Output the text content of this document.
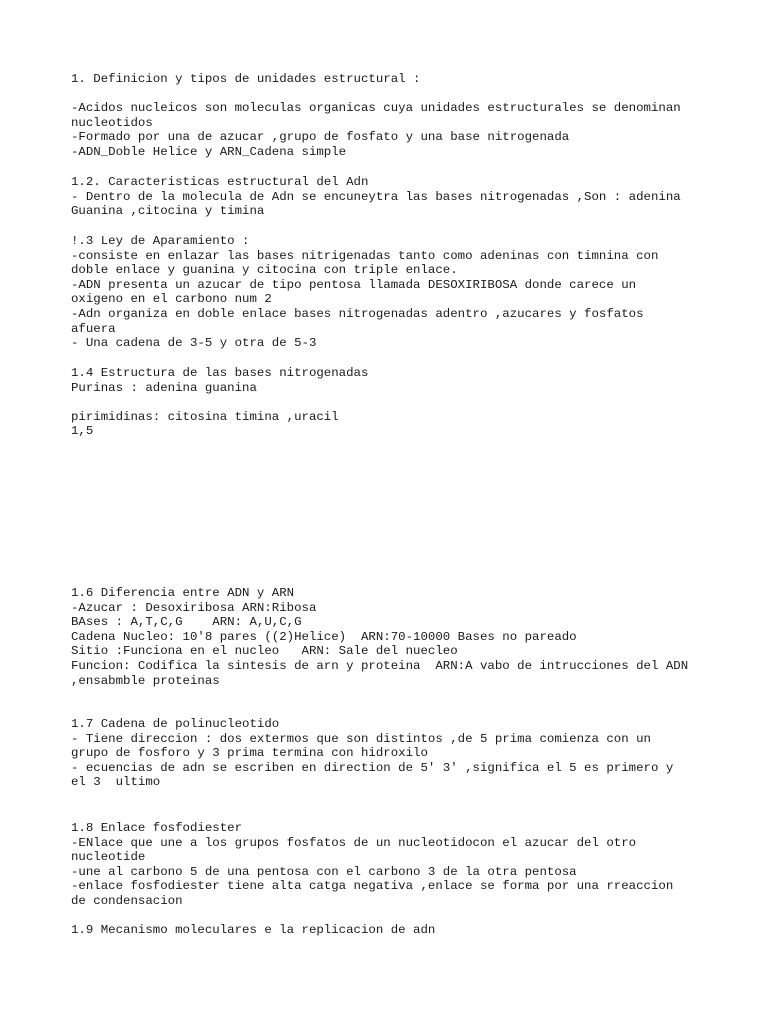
1. Definicion y tipos de unidades estructural :

-Acidos nucleicos son moleculas organicas cuya unidades estructurales se denominan
nucleotidos
-Formado por una de azucar ,grupo de fosfato y una base nitrogenada
-ADN_Doble Helice y ARN_Cadena simple
1.2. Caracteristicas estructural del Adn
- Dentro de la molecula de Adn se encuneytra las bases nitrogenadas ,Son : adenina
Guanina ,citocina y timina
!.3 Ley de Aparamiento :
-consiste en enlazar las bases nitrigenadas tanto como adeninas con timnina con
doble enlace y guanina y citocina con triple enlace.
-ADN presenta un azucar de tipo pentosa llamada DESOXIRIBOSA donde carece un
oxigeno en el carbono num 2
-Adn organiza en doble enlace bases nitrogenadas adentro ,azucares y fosfatos
afuera
- Una cadena de 3-5 y otra de 5-3
1.4 Estructura de las bases nitrogenadas
Purinas : adenina guanina

pirimidinas: citosina timina ,uracil
1,5
1.6 Diferencia entre ADN y ARN
-Azucar : Desoxiribosa ARN:Ribosa
BAses : A,T,C,G    ARN: A,U,C,G
Cadena Nucleo: 10'8 pares ((2)Helice)  ARN:70-10000 Bases no pareado
Sitio :Funciona en el nucleo   ARN: Sale del nuecleo
Funcion: Codifica la sintesis de arn y proteina  ARN:A vabo de intrucciones del ADN
,ensabmble proteinas
1.7 Cadena de polinucleotido
- Tiene direccion : dos extermos que son distintos ,de 5 prima comienza con un
grupo de fosforo y 3 prima termina con hidroxilo
- ecuencias de adn se escriben en direction de 5' 3' ,significa el 5 es primero y
el 3  ultimo
1.8 Enlace fosfodiester
-ENlace que une a los grupos fosfatos de un nucleotidocon el azucar del otro
nucleotide
-une al carbono 5 de una pentosa con el carbono 3 de la otra pentosa
-enlace fosfodiester tiene alta catga negativa ,enlace se forma por una rreaccion
de condensacion
1.9 Mecanismo moleculares e la replicacion de adn
